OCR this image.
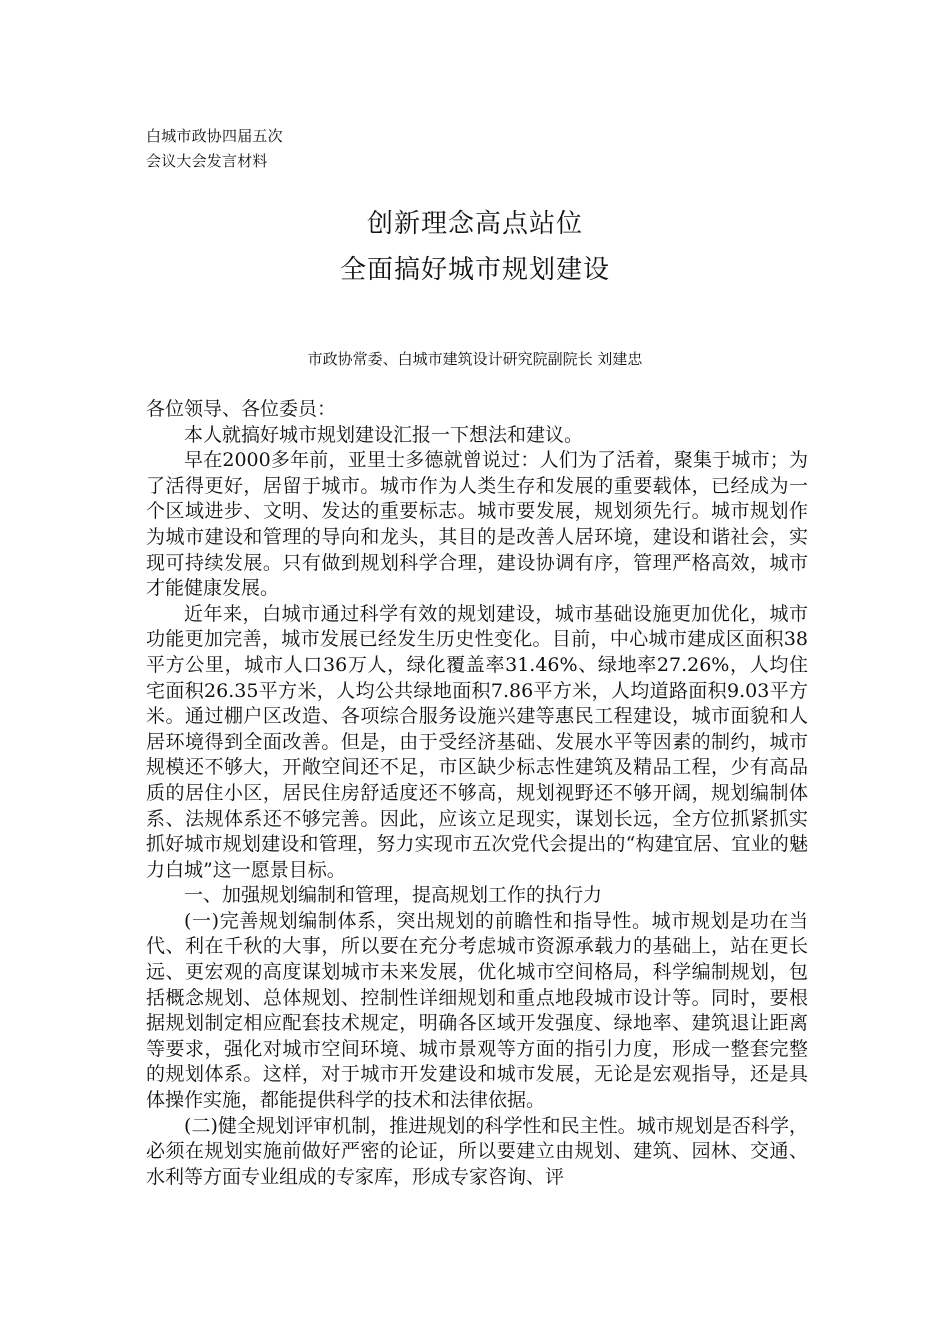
白城市政协四届五次
会议大会发言材料
创新理念高点站位
全面搞好城市规划建设
市政协常委、白城市建筑设计研究院副院长 刘建忠

各位领导、各位委员：

本人就搞好城市规划建设汇报一下想法和建议。

早在2000多年前，亚里士多德就曾说过：人们为了活着，聚集于城市；为了活得更好，居留于城市。城市作为人类生存和发展的重要载体，已经成为一个区域进步、文明、发达的重要标志。城市要发展，规划须先行。城市规划作为城市建设和管理的导向和龙头，其目的是改善人居环境，建设和谐社会，实现可持续发展。只有做到规划科学合理，建设协调有序，管理严格高效，城市才能健康发展。

近年来，白城市通过科学有效的规划建设，城市基础设施更加优化，城市功能更加完善，城市发展已经发生历史性变化。目前，中心城市建成区面积38平方公里，城市人口36万人，绿化覆盖率31.46%、绿地率27.26%，人均住宅面积26.35平方米，人均公共绿地面积7.86平方米，人均道路面积9.03平方米。通过棚户区改造、各项综合服务设施兴建等惠民工程建设，城市面貌和人居环境得到全面改善。但是，由于受经济基础、发展水平等因素的制约，城市规模还不够大，开敞空间还不足，市区缺少标志性建筑及精品工程，少有高品质的居住小区，居民住房舒适度还不够高，规划视野还不够开阔，规划编制体系、法规体系还不够完善。因此，应该立足现实，谋划长远，全方位抓紧抓实抓好城市规划建设和管理，努力实现市五次党代会提出的“构建宜居、宜业的魅力白城”这一愿景目标。

一、加强规划编制和管理，提高规划工作的执行力

(一)完善规划编制体系，突出规划的前瞻性和指导性。城市规划是功在当代、利在千秋的大事，所以要在充分考虑城市资源承载力的基础上，站在更长远、更宏观的高度谋划城市未来发展，优化城市空间格局，科学编制规划，包括概念规划、总体规划、控制性详细规划和重点地段城市设计等。同时，要根据规划制定相应配套技术规定，明确各区域开发强度、绿地率、建筑退让距离等要求，强化对城市空间环境、城市景观等方面的指引力度，形成一整套完整的规划体系。这样，对于城市开发建设和城市发展，无论是宏观指导，还是具体操作实施，都能提供科学的技术和法律依据。

(二)健全规划评审机制，推进规划的科学性和民主性。城市规划是否科学，必须在规划实施前做好严密的论证，所以要建立由规划、建筑、园林、交通、水利等方面专业组成的专家库，形成专家咨询、评
